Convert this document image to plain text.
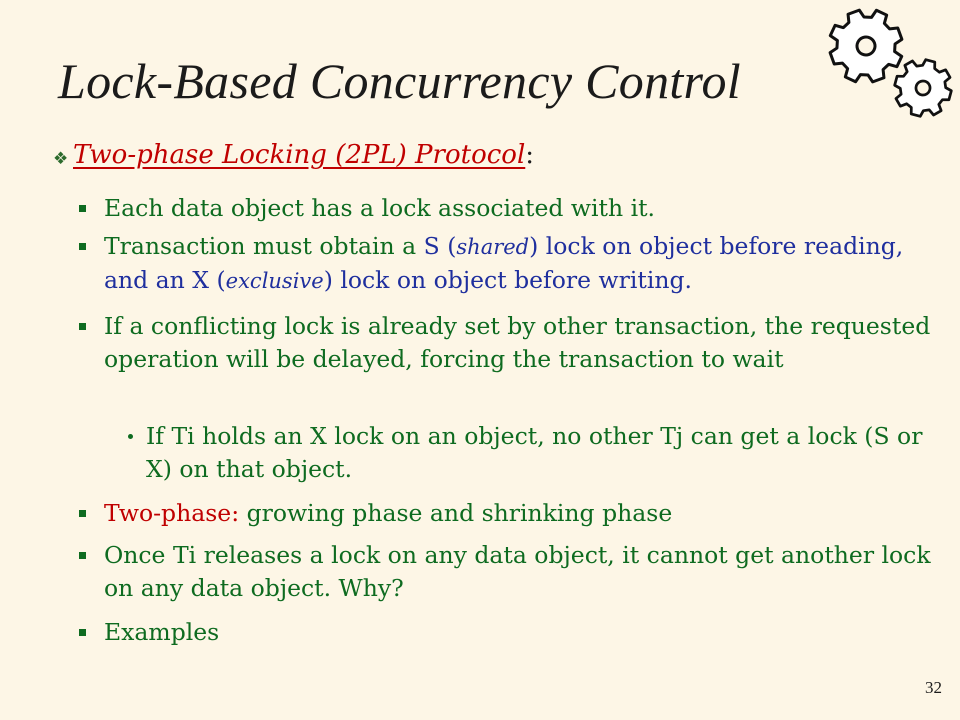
Lock-Based Concurrency Control
❖ Two-phase Locking (2PL) Protocol:
Each data object has a lock associated with it.
Transaction must obtain a S (shared) lock on object before reading, and an X (exclusive) lock on object before writing.
If a conflicting lock is already set by other transaction, the requested operation will be delayed, forcing the transaction to wait
If Ti holds an X lock on an object, no other Tj can get a lock (S or X) on that object.
Two-phase: growing phase and shrinking phase
Once Ti releases a lock on any data object, it cannot get another lock on any data object. Why?
Examples
32
